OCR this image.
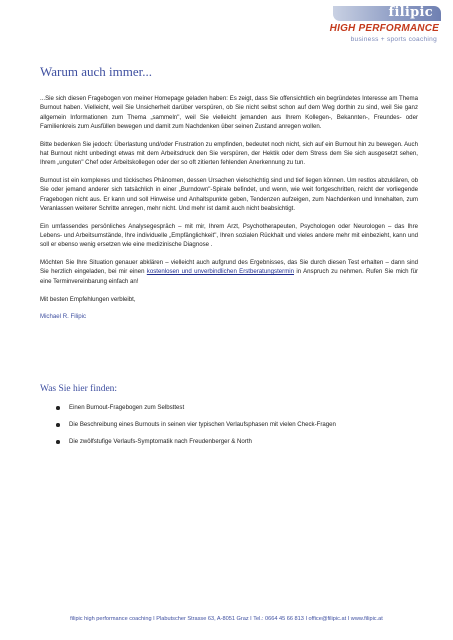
filipic
HIGH PERFORMANCE
business + sports coaching
Warum auch immer...

...Sie sich diesen Fragebogen von meiner Homepage geladen haben: Es zeigt, dass Sie offensichtlich ein begründetes Interesse am Thema Burnout haben. Vielleicht, weil Sie Unsicherheit darüber verspüren, ob Sie nicht selbst schon auf dem Weg dorthin zu sind, weil Sie ganz allgemein Informationen zum Thema „sammeln", weil Sie vielleicht jemanden aus Ihrem Kollegen-, Bekannten-, Freundes- oder Familienkreis zum Ausfüllen bewegen und damit zum Nachdenken über seinen Zustand anregen wollen.

Bitte bedenken Sie jedoch: Überlastung und/oder Frustration zu empfinden, bedeutet noch nicht, sich auf ein Burnout hin zu bewegen. Auch hat Burnout nicht unbedingt etwas mit dem Arbeitsdruck den Sie verspüren, der Hektik oder dem Stress dem Sie sich ausgesetzt sehen, Ihrem „unguten" Chef oder Arbeitskollegen oder der so oft zitierten fehlenden Anerkennung zu tun.

Burnout ist ein komplexes und tückisches Phänomen, dessen Ursachen vielschichtig sind und tief liegen können. Um restlos abzuklären, ob Sie oder jemand anderer sich tatsächlich in einer „Burndown"-Spirale befindet, und wenn, wie weit fortgeschritten, reicht der vorliegende Fragebogen nicht aus. Er kann und soll Hinweise und Anhaltspunkte geben, Tendenzen aufzeigen, zum Nachdenken und Innehalten, zum Veranlassen weiterer Schritte anregen, mehr nicht. Und mehr ist damit auch nicht beabsichtigt.

Ein umfassendes persönliches Analysegespräch – mit mir, Ihrem Arzt, Psychotherapeuten, Psychologen oder Neurologen – das Ihre Lebens- und Arbeitsumstände, Ihre individuelle „Empfänglichkeit", Ihren sozialen Rückhalt und vieles andere mehr mit einbezieht, kann und soll er ebenso wenig ersetzen wie eine medizinische Diagnose .

Möchten Sie Ihre Situation genauer abklären – vielleicht auch aufgrund des Ergebnisses, das Sie durch diesen Test erhalten – dann sind Sie herzlich eingeladen, bei mir einen kostenlosen und unverbindlichen Erstberatungstermin in Anspruch zu nehmen. Rufen Sie mich für eine Terminvereinbarung einfach an!

Mit besten Empfehlungen verbleibt,

Michael R. Filipic

Was Sie hier finden:
Einen Burnout-Fragebogen zum Selbsttest
Die Beschreibung eines Burnouts in seinen vier typischen Verlaufsphasen mit vielen Check-Fragen
Die zwölfstufige Verlaufs-Symptomatik nach Freudenberger & North
filipic high performance coaching I Plabutscher Strasse 63, A-8051 Graz I Tel.: 0664 45 66 813 I office@filipic.at I www.filipic.at
